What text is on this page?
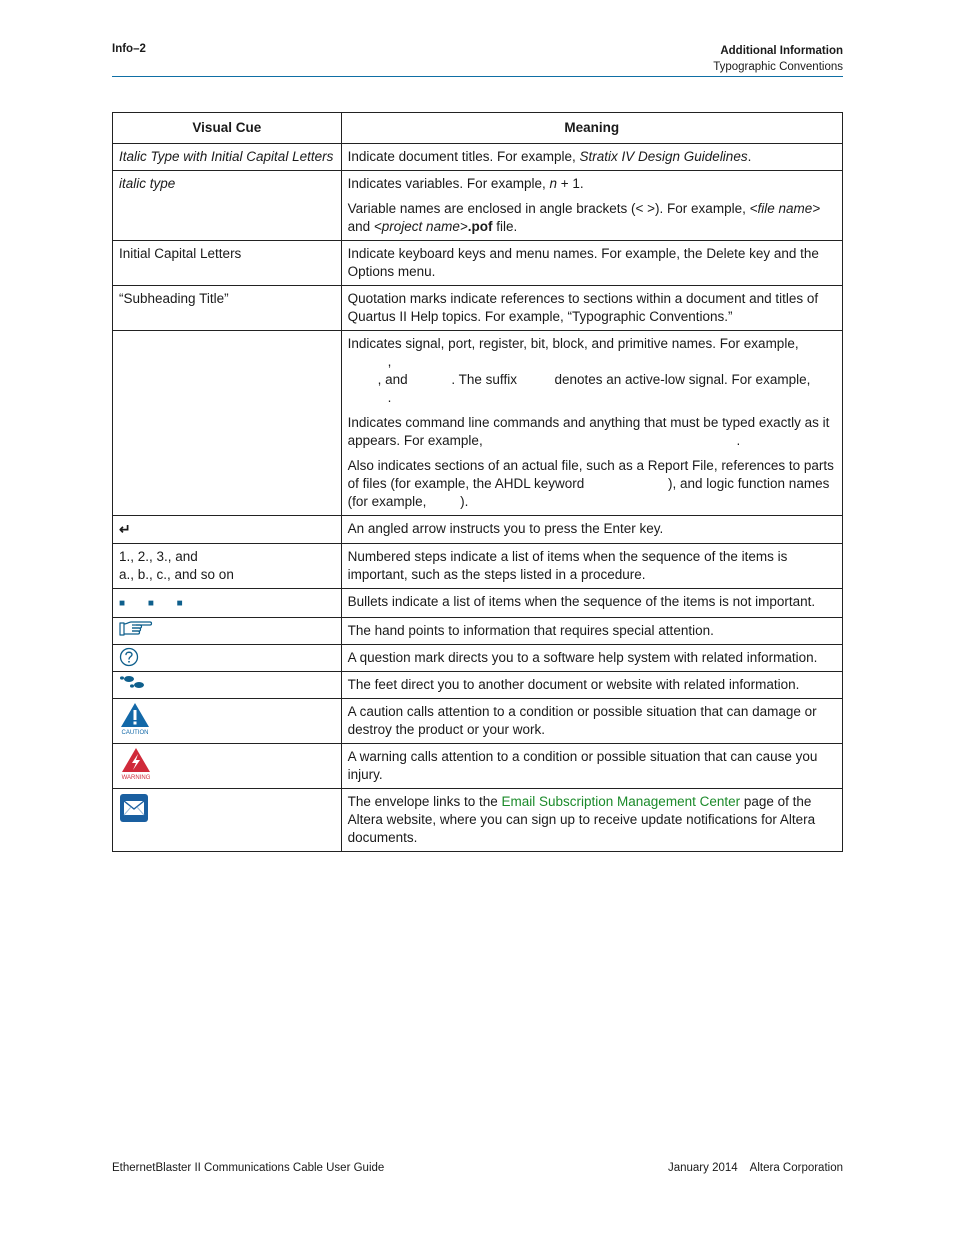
Info–2	Additional Information
Typographic Conventions
Visual Cue	Meaning
Italic Type with Initial Capital Letters	Indicate document titles. For example, Stratix IV Design Guidelines.
italic type	Indicates variables. For example, n + 1.
Variable names are enclosed in angle brackets (< >). For example, <file name> and <project name>.pof file.

Initial Capital Letters	Indicate keyboard keys and menu names. For example, the Delete key and the Options menu.
“Subheading Title”	Quotation marks indicate references to sections within a document and titles of Quartus II Help topics. For example, “Typographic Conventions.”

	Indicates signal, port, register, bit, block, and primitive names. For example, ,
, and . The suffix  denotes an active-low signal. For example, .
Indicates command line commands and anything that must be typed exactly as it appears. For example, .
Also indicates sections of an actual file, such as a Report File, references to parts of files (for example, the AHDL keyword ), and logic function names (for example, ).

↵	An angled arrow instructs you to press the Enter key.

1., 2., 3., and
a., b., c., and so on	Numbered steps indicate a list of items when the sequence of the items is important, such as the steps listed in a procedure.
■ ■ ■	Bullets indicate a list of items when the sequence of the items is not important.

	The hand points to information that requires special attention.

	A question mark directs you to a software help system with related information.

	The feet direct you to another document or website with related information.

CAUTION	A caution calls attention to a condition or possible situation that can damage or destroy the product or your work.

WARNING	A warning calls attention to a condition or possible situation that can cause you injury.

	The envelope links to the Email Subscription Management Center page of the Altera website, where you can sign up to receive update notifications for Altera documents.
EthernetBlaster II Communications Cable User Guide	January 2014 Altera Corporation
